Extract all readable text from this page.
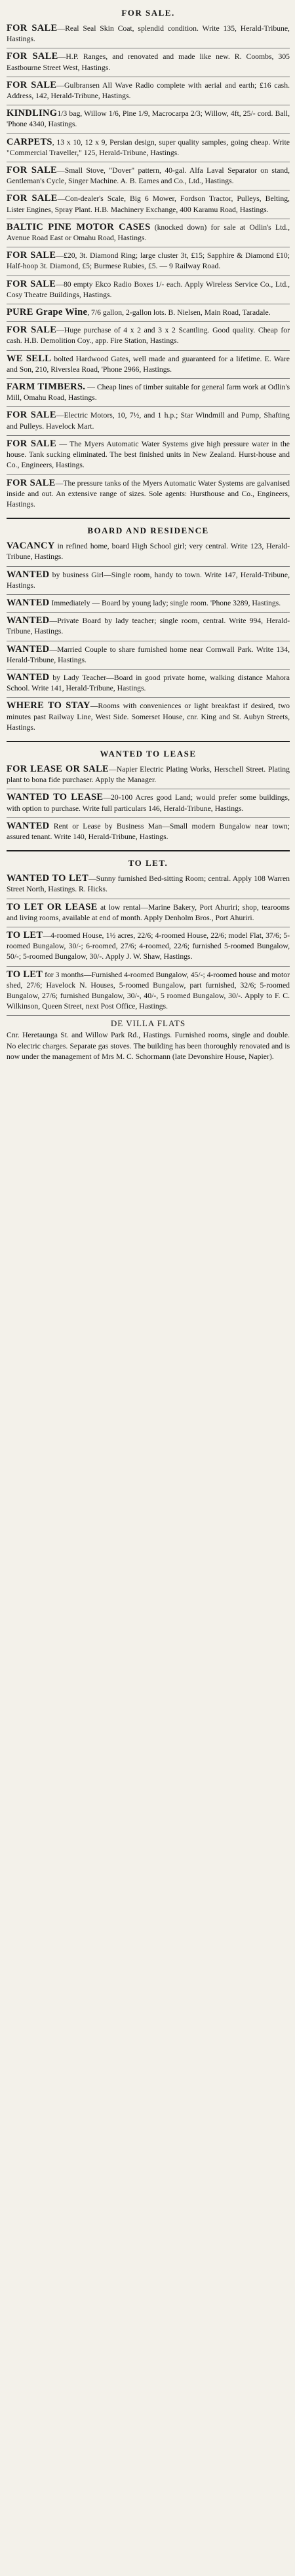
FOR SALE.
FOR SALE—Real Seal Skin Coat, splendid condition. Write 135, Herald-Tribune, Hastings.
FOR SALE—H.P. Ranges, and renovated and made like new. R. Coombs, 305 Eastbourne Street West, Hastings.
FOR SALE—Gulbransen All Wave Radio complete with aerial and earth; £16 cash. Address, 142, Herald-Tribune, Hastings.
KINDLING1/3 bag, Willow 1/6, Pine 1/9, Macrocarpa 2/3; Willow, 4ft, 25/- cord. Ball, 'Phone 4340, Hastings.
CARPETS, 13 x 10, 12 x 9, Persian design, super quality samples, going cheap. Write "Commercial Traveller," 125, Herald-Tribune, Hastings.
FOR SALE—Small Stove, "Dover" pattern, 40-gal. Alfa Laval Separator on stand, Gentleman's Cycle, Singer Machine. A. B. Eames and Co., Ltd., Hastings.
FOR SALE—Con-dealer's Scale, Big 6 Mower, Fordson Tractor, Pulleys, Belting, Lister Engines, Spray Plant. H.B. Machinery Exchange, 400 Karamu Road, Hastings.
BALTIC PINE MOTOR CASES (knocked down) for sale at Odlin's Ltd., Avenue Road East or Omahu Road, Hastings.
FOR SALE—£20, 3t. Diamond Ring; large cluster 3t, £15; Sapphire & Diamond £10; Half-hoop 3t. Diamond, £5; Burmese Rubies, £5. — 9 Railway Road.
FOR SALE—80 empty Ekco Radio Boxes 1/- each. Apply Wireless Service Co., Ltd., Cosy Theatre Buildings, Hastings.
PURE Grape Wine, 7/6 gallon, 2-gallon lots. B. Nielsen, Main Road, Taradale.
FOR SALE—Huge purchase of 4 x 2 and 3 x 2 Scantling. Good quality. Cheap for cash. H.B. Demolition Coy., app. Fire Station, Hastings.
WE SELL bolted Hardwood Gates, well made and guaranteed for a lifetime. E. Ware and Son, 210, Riverslea Road, 'Phone 2966, Hastings.
FARM TIMBERS. — Cheap lines of timber suitable for general farm work at Odlin's Mill, Omahu Road, Hastings.
FOR SALE—Electric Motors, 10, 7½, and 1 h.p.; Star Windmill and Pump, Shafting and Pulleys. Havelock Mart.
FOR SALE — The Myers Automatic Water Systems give high pressure water in the house. Tank sucking eliminated. The best finished units in New Zealand. Hurst-house and Co., Engineers, Hastings.
FOR SALE—The pressure tanks of the Myers Automatic Water Systems are galvanised inside and out. An extensive range of sizes. Sole agents: Hursthouse and Co., Engineers, Hastings.
BOARD AND RESIDENCE
VACANCY in refined home, board High School girl; very central. Write 123, Herald-Tribune, Hastings.
WANTED by business Girl—Single room, handy to town. Write 147, Herald-Tribune, Hastings.
WANTED Immediately — Board by young lady; single room. 'Phone 3289, Hastings.
WANTED—Private Board by lady teacher; single room, central. Write 994, Herald-Tribune, Hastings.
WANTED—Married Couple to share furnished home near Cornwall Park. Write 134, Herald-Tribune, Hastings.
WANTED by Lady Teacher—Board in good private home, walking distance Mahora School. Write 141, Herald-Tribune, Hastings.
WHERE TO STAY—Rooms with conveniences or light breakfast if desired, two minutes past Railway Line, West Side. Somerset House, cnr. King and St. Aubyn Streets, Hastings.
WANTED TO LEASE
FOR LEASE OR SALE—Napier Electric Plating Works, Herschell Street. Plating plant to bona fide purchaser. Apply the Manager.
WANTED TO LEASE—20-100 Acres good Land; would prefer some buildings, with option to purchase. Write full particulars 146, Herald-Tribune, Hastings.
WANTED Rent or Lease by Business Man—Small modern Bungalow near town; assured tenant. Write 140, Herald-Tribune, Hastings.
TO LET.
WANTED TO LET—Sunny furnished Bed-sitting Room; central. Apply 108 Warren Street North, Hastings. R. Hicks.
TO LET OR LEASE at low rental—Marine Bakery, Port Ahuriri; shop, tearooms and living rooms, available at end of month. Apply Denholm Bros., Port Ahuriri.
TO LET—4-roomed House, 1½ acres, 22/6; 4-roomed House, 22/6; model Flat, 37/6; 5-roomed Bungalow, 30/-; 6-roomed, 27/6; 4-roomed, 22/6; furnished 5-roomed Bungalow, 50/-; 5-roomed Bungalow, 30/-. Apply J. W. Shaw, Hastings.
TO LET for 3 months—Furnished 4-roomed Bungalow, 45/-; 4-roomed house and motor shed, 27/6; Havelock N. Houses, 5-roomed Bungalow, part furnished, 32/6; 5-roomed Bungalow, 27/6; furnished Bungalow, 30/-, 40/-, 5 roomed Bungalow, 30/-. Apply to F. C. Wilkinson, Queen Street, next Post Office, Hastings.
DE VILLA FLATS
Cnr. Heretaunga St. and Willow Park Rd., Hastings. Furnished rooms, single and double. No electric charges. Separate gas stoves. The building has been thoroughly renovated and is now under the management of Mrs M. C. Schormann (late Devonshire House, Napier).
